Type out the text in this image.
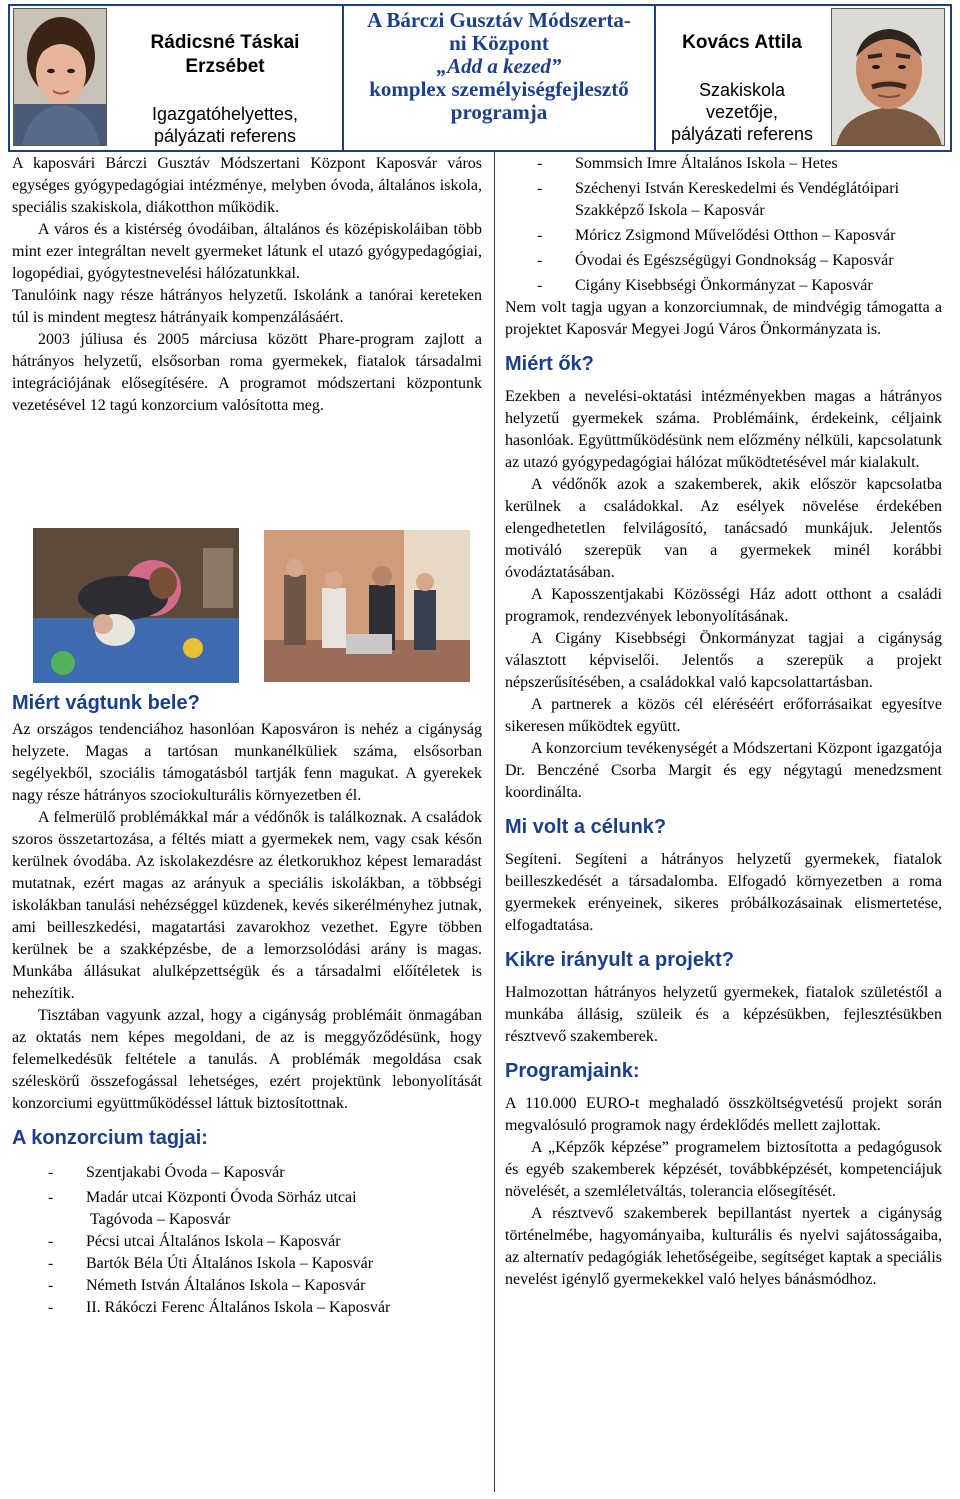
Rádicsné Táskai
Erzsébet
Igazgatóhelyettes,
pályázati referens
A Bárczi Gusztáv Módszerta-
ni Központ
„Add a kezed”
komplex személyiségfejlesztő
programja
Kovács Attila
Szakiskola
vezetője,
pályázati referens

A kaposvári Bárczi Gusztáv Módszertani Központ Kaposvár város egységes gyógypedagógiai intézménye, melyben óvoda, általános iskola, speciális szakiskola, diákotthon működik.

A város és a kistérség óvodáiban, általános és középiskoláiban több mint ezer integráltan nevelt gyermeket látunk el utazó gyógypedagógiai, logopédiai, gyógytestnevelési hálózatunkkal.

Tanulóink nagy része hátrányos helyzetű. Iskolánk a tanórai kereteken túl is mindent megtesz hátrányaik kompenzálásáért.

2003 júliusa és 2005 márciusa között Phare-program zajlott a hátrányos helyzetű, elsősorban roma gyermekek, fiatalok társadalmi integrációjának elősegítésére. A programot módszertani központunk vezetésével 12 tagú konzorcium valósította meg.

Miért vágtunk bele?

Az országos tendenciához hasonlóan Kaposváron is nehéz a cigányság helyzete. Magas a tartósan munkanélküliek száma, elsősorban segélyekből, szociális támogatásból tartják fenn magukat. A gyerekek nagy része hátrányos szociokulturális környezetben él.

A felmerülő problémákkal már a védőnők is találkoznak. A családok szoros összetartozása, a féltés miatt a gyermekek nem, vagy csak későn kerülnek óvodába. Az iskolakezdésre az életkorukhoz képest lemaradást mutatnak, ezért magas az arányuk a speciális iskolákban, a többségi iskolákban tanulási nehézséggel küzdenek, kevés sikerélményhez jutnak, ami beilleszkedési, magatartási zavarokhoz vezethet. Egyre többen kerülnek be a szakképzésbe, de a lemorzsolódási arány is magas. Munkába állásukat alulképzettségük és a társadalmi előítéletek is nehezítik.

Tisztában vagyunk azzal, hogy a cigányság problémáit önmagában az oktatás nem képes megoldani, de az is meggyőződésünk, hogy felemelkedésük feltétele a tanulás. A problémák megoldása csak széleskörű összefogással lehetséges, ezért projektünk lebonyolítását konzorciumi együttműködéssel láttuk biztosítottnak.

A konzorcium tagjai:
- Szentjakabi Óvoda – Kaposvár
- Madár utcai Központi Óvoda Sörház utcai
Tagóvoda – Kaposvár
- Pécsi utcai Általános Iskola – Kaposvár
- Bartók Béla Úti Általános Iskola – Kaposvár
- Németh István Általános Iskola – Kaposvár
- II. Rákóczi Ferenc Általános Iskola – Kaposvár
- Sommsich Imre Általános Iskola – Hetes
- Széchenyi István Kereskedelmi és Vendéglátóipari Szakképző Iskola – Kaposvár
- Móricz Zsigmond Művelődési Otthon – Kaposvár
- Óvodai és Egészségügyi Gondnokság – Kaposvár
- Cigány Kisebbségi Önkormányzat – Kaposvár

Nem volt tagja ugyan a konzorciumnak, de mindvégig támogatta a projektet Kaposvár Megyei Jogú Város Önkormányzata is.

Miért ők?

Ezekben a nevelési-oktatási intézményekben magas a hátrányos helyzetű gyermekek száma. Problémáink, érdekeink, céljaink hasonlóak. Együttműködésünk nem előzmény nélküli, kapcsolatunk az utazó gyógypedagógiai hálózat működtetésével már kialakult.

A védőnők azok a szakemberek, akik először kapcsolatba kerülnek a családokkal. Az esélyek növelése érdekében elengedhetetlen felvilágosító, tanácsadó munkájuk. Jelentős motiváló szerepük van a gyermekek minél korábbi óvodáztatásában.

A Kaposszentjakabi Közösségi Ház adott otthont a családi programok, rendezvények lebonyolításának.

A Cigány Kisebbségi Önkormányzat tagjai a cigányság választott képviselői. Jelentős a szerepük a projekt népszerűsítésében, a családokkal való kapcsolattartásban.

A partnerek a közös cél eléréséért erőforrásaikat egyesítve sikeresen működtek együtt.

A konzorcium tevékenységét a Módszertani Központ igazgatója Dr. Benczéné Csorba Margit és egy négytagú menedzsment koordinálta.

Mi volt a célunk?

Segíteni. Segíteni a hátrányos helyzetű gyermekek, fiatalok beilleszkedését a társadalomba. Elfogadó környezetben a roma gyermekek erényeinek, sikeres próbálkozásainak elismertetése, elfogadtatása.

Kikre irányult a projekt?

Halmozottan hátrányos helyzetű gyermekek, fiatalok születéstől a munkába állásig, szüleik és a képzésükben, fejlesztésükben résztvevő szakemberek.

Programjaink:

A 110.000 EURO-t meghaladó összköltségvetésű projekt során megvalósuló programok nagy érdeklődés mellett zajlottak.

A „Képzők képzése” programelem biztosította a pedagógusok és egyéb szakemberek képzését, továbbképzését, kompetenciájuk növelését, a szemléletváltás, tolerancia elősegítését.

A résztvevő szakemberek bepillantást nyertek a cigányság történelmébe, hagyományaiba, kulturális és nyelvi sajátosságaiba, az alternatív pedagógiák lehetőségeibe, segítséget kaptak a speciális nevelést igénylő gyermekekkel való helyes bánásmódhoz.
